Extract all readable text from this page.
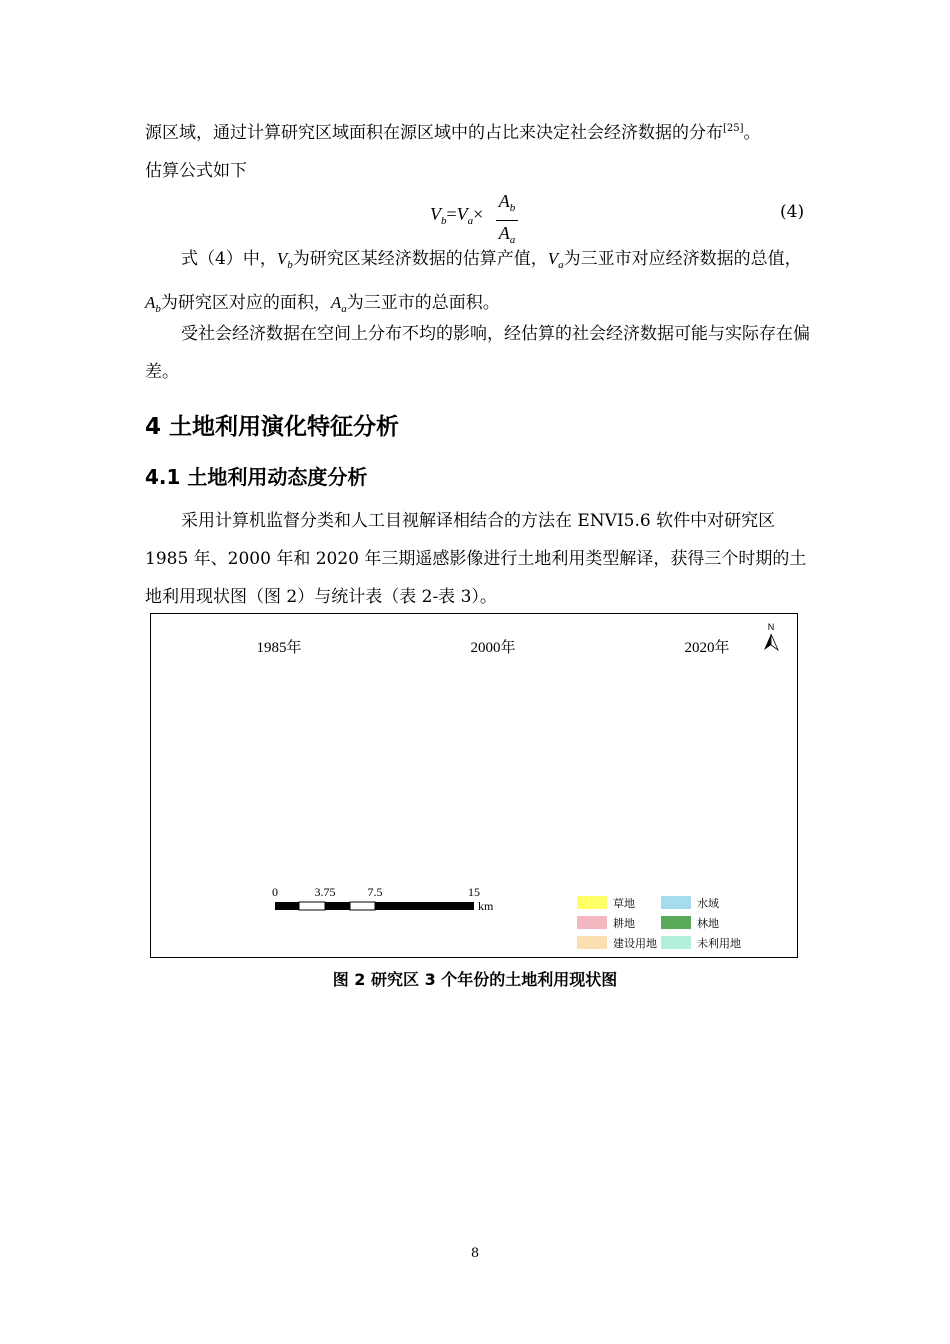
源区域，通过计算研究区域面积在源区域中的占比来决定社会经济数据的分布[25]。
估算公式如下

$V_b=V_a\times$
$A_b$
$A_a$
(4)

式（4）中，$V_b$为研究区某经济数据的估算产值，$V_a$为三亚市对应经济数据的总值，$A_b$为研究区对应的面积，$A_a$为三亚市的总面积。

受社会经济数据在空间上分布不均的影响，经估算的社会经济数据可能与实际存在偏差。

4 土地利用演化特征分析
4.1 土地利用动态度分析

采用计算机监督分类和人工目视解译相结合的方法在 ENVI5.6 软件中对研究区 1985 年、2000 年和 2020 年三期遥感影像进行土地利用类型解译，获得三个时期的土地利用现状图（图 2）与统计表（表 2-表 3）。

1985年	2000年	2020年
N
0	3.75	7.5	15
km	草地	水域
耕地	林地
建设用地	未利用地
图 2 研究区 3 个年份的土地利用现状图
8
